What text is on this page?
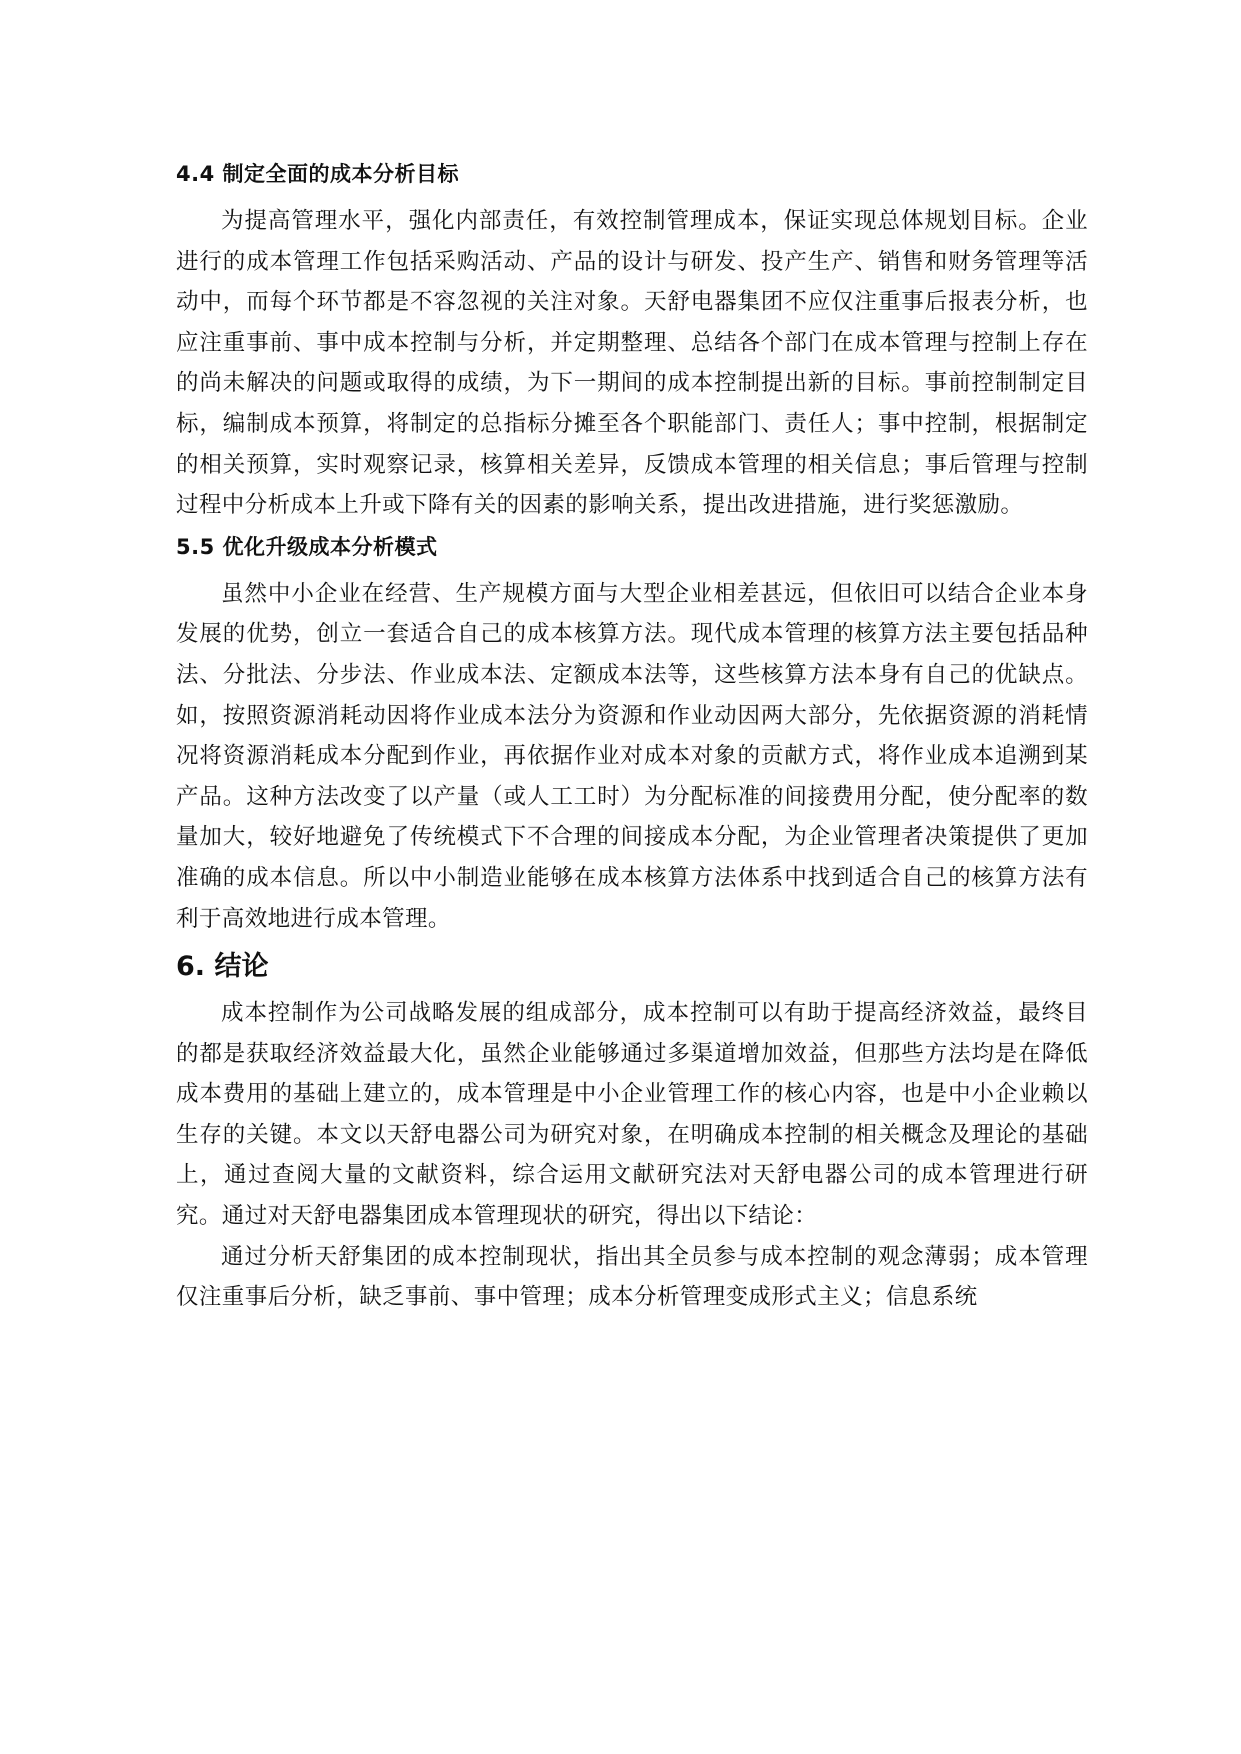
4.4 制定全面的成本分析目标

为提高管理水平，强化内部责任，有效控制管理成本，保证实现总体规划目标。企业进行的成本管理工作包括采购活动、产品的设计与研发、投产生产、销售和财务管理等活动中，而每个环节都是不容忽视的关注对象。天舒电器集团不应仅注重事后报表分析，也应注重事前、事中成本控制与分析，并定期整理、总结各个部门在成本管理与控制上存在的尚未解决的问题或取得的成绩，为下一期间的成本控制提出新的目标。事前控制制定目标，编制成本预算，将制定的总指标分摊至各个职能部门、责任人；事中控制，根据制定的相关预算，实时观察记录，核算相关差异，反馈成本管理的相关信息；事后管理与控制过程中分析成本上升或下降有关的因素的影响关系，提出改进措施，进行奖惩激励。

5.5 优化升级成本分析模式

虽然中小企业在经营、生产规模方面与大型企业相差甚远，但依旧可以结合企业本身发展的优势，创立一套适合自己的成本核算方法。现代成本管理的核算方法主要包括品种法、分批法、分步法、作业成本法、定额成本法等，这些核算方法本身有自己的优缺点。如，按照资源消耗动因将作业成本法分为资源和作业动因两大部分，先依据资源的消耗情况将资源消耗成本分配到作业，再依据作业对成本对象的贡献方式，将作业成本追溯到某产品。这种方法改变了以产量（或人工工时）为分配标准的间接费用分配，使分配率的数量加大，较好地避免了传统模式下不合理的间接成本分配，为企业管理者决策提供了更加准确的成本信息。所以中小制造业能够在成本核算方法体系中找到适合自己的核算方法有利于高效地进行成本管理。

6. 结论

成本控制作为公司战略发展的组成部分，成本控制可以有助于提高经济效益，最终目的都是获取经济效益最大化，虽然企业能够通过多渠道增加效益，但那些方法均是在降低成本费用的基础上建立的，成本管理是中小企业管理工作的核心内容，也是中小企业赖以生存的关键。本文以天舒电器公司为研究对象，在明确成本控制的相关概念及理论的基础上，通过查阅大量的文献资料，综合运用文献研究法对天舒电器公司的成本管理进行研究。通过对天舒电器集团成本管理现状的研究，得出以下结论：

通过分析天舒集团的成本控制现状，指出其全员参与成本控制的观念薄弱；成本管理仅注重事后分析，缺乏事前、事中管理；成本分析管理变成形式主义；信息系统
